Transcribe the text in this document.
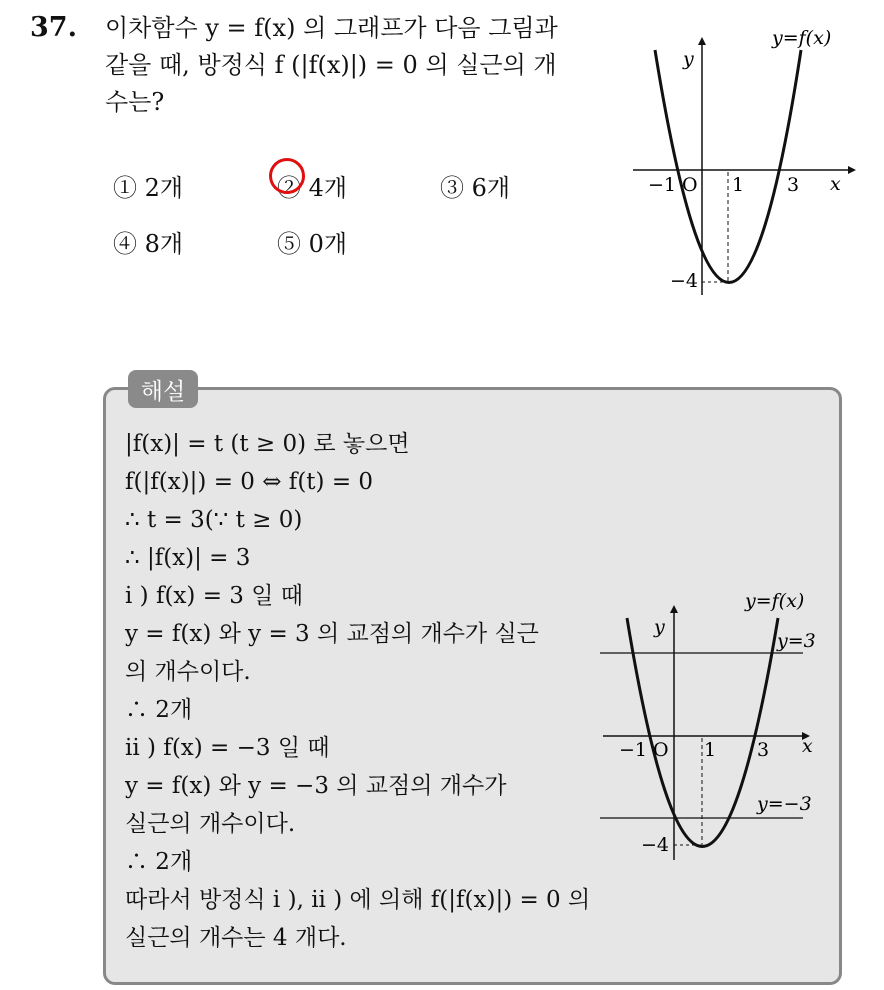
37. 이차함수 y = f(x) 의 그래프가 다음 그림과
같을 때, 방정식 f (|f(x)|) = 0 의 실근의 개
수는?
① 2개	② 4개	③ 6개
④ 8개	⑤ 0개
y=f(x)
y
x
−1 O 1 3
−4
해설
|f(x)| = t (t ≥ 0) 로 놓으면
f(|f(x)|) = 0 ⇔ f(t) = 0
∴ t = 3(∵ t ≥ 0)
∴ |f(x)| = 3
i ) f(x) = 3 일 때
y = f(x) 와 y = 3 의 교점의 개수가 실근
의 개수이다.
∴ 2개
ii ) f(x) = −3 일 때
y = f(x) 와 y = −3 의 교점의 개수가
실근의 개수이다.
∴ 2개
따라서 방정식 i ), ii ) 에 의해 f(|f(x)|) = 0 의
실근의 개수는 4 개다.
y=f(x)
y
y=3
y=−3
x
−1 O 1 3
−4
